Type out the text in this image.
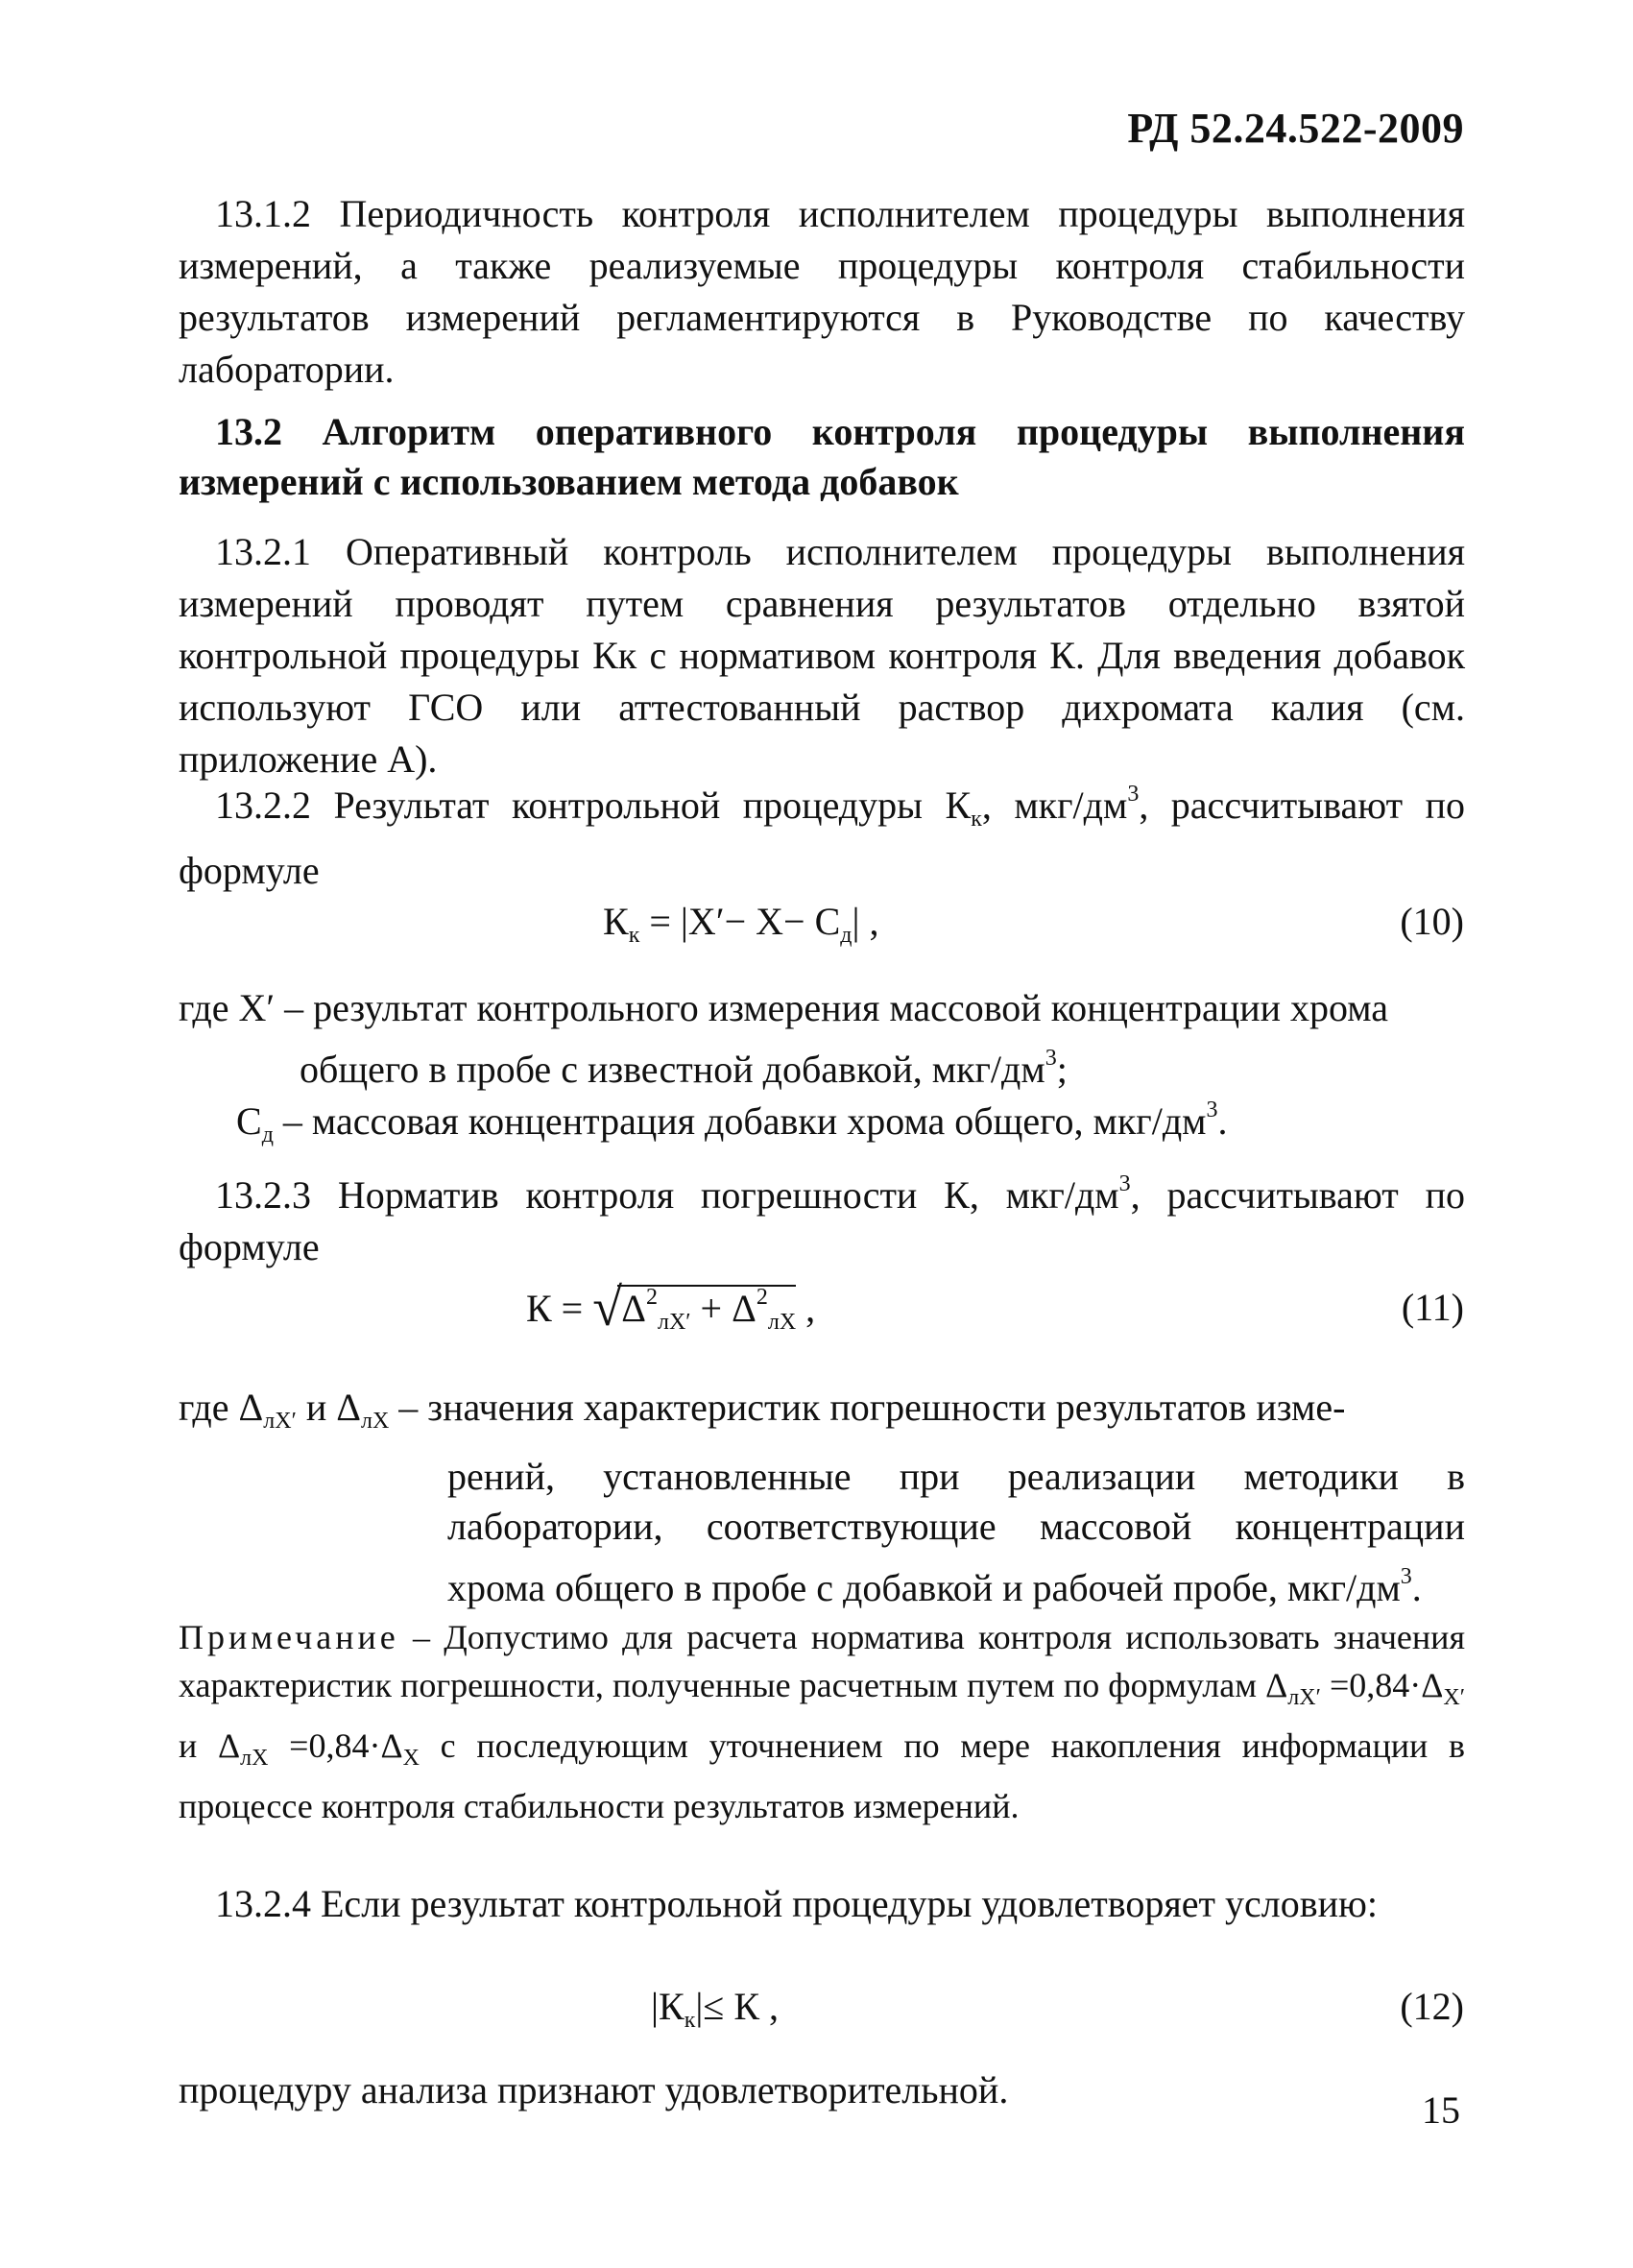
РД 52.24.522-2009
13.1.2 Периодичность контроля исполнителем процедуры выполнения измерений, а также реализуемые процедуры контроля стабильности результатов измерений регламентируются в Руководстве по качеству лаборатории.
13.2 Алгоритм оперативного контроля процедуры выполнения измерений с использованием метода добавок
13.2.1 Оперативный контроль исполнителем процедуры выполнения измерений проводят путем сравнения результатов отдельно взятой контрольной процедуры Кк с нормативом контроля К. Для введения добавок используют ГСО или аттестованный раствор дихромата калия (см. приложение А).
13.2.2 Результат контрольной процедуры $К_к$, мкг/$дм^3$, рассчитывают по формуле
$К_к = |X'- X- С_д|$ ,	(10)
где X′ – результат контрольного измерения массовой концентрации хрома
общего в пробе с известной добавкой, мкг/$дм^3$;
$С_д$ – массовая концентрация добавки хрома общего, мкг/$дм^3$.
13.2.3 Норматив контроля погрешности К, мкг/$дм^3$, рассчитывают по формуле
К = √ $\Delta^2_{лX'} + \Delta^2_{лX}$ ,	(11)
где $\Delta_{лX'}$ и $\Delta_{лX}$ – значения характеристик погрешности результатов изме-
рений, установленные при реализации методики в лаборатории, соответствующие массовой концентрации хрома общего в пробе с добавкой и рабочей пробе, мкг/$дм^3$.
Примечание – Допустимо для расчета норматива контроля использовать значения характеристик погрешности, полученные расчетным путем по формулам $\Delta_{лX'} =0,84\cdot\Delta_{X'}$ и $\Delta_{лX} =0,84\cdot\Delta_X$ с последующим уточнением по мере накопления информации в процессе контроля стабильности результатов измерений.
13.2.4 Если результат контрольной процедуры удовлетворяет условию:
$|К_к|\le К$ ,	(12)
процедуру анализа признают удовлетворительной.	15
